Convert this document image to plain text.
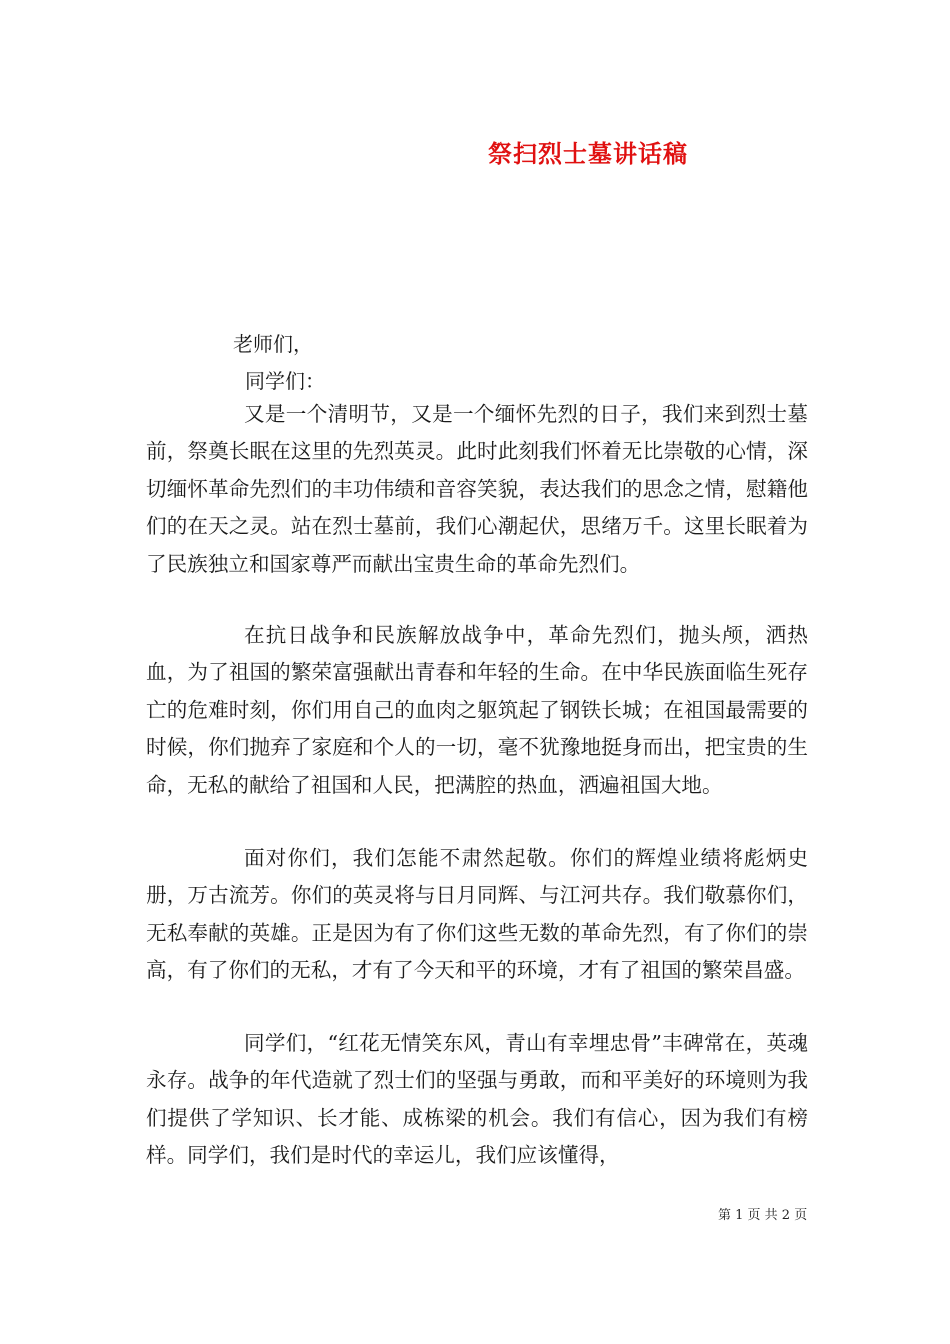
祭扫烈士墓讲话稿
老师们，
同学们：

又是一个清明节，又是一个缅怀先烈的日子，我们来到烈士墓前，祭奠长眠在这里的先烈英灵。此时此刻我们怀着无比崇敬的心情，深切缅怀革命先烈们的丰功伟绩和音容笑貌，表达我们的思念之情，慰籍他们的在天之灵。站在烈士墓前，我们心潮起伏，思绪万千。这里长眠着为了民族独立和国家尊严而献出宝贵生命的革命先烈们。

在抗日战争和民族解放战争中，革命先烈们，抛头颅，洒热血，为了祖国的繁荣富强献出青春和年轻的生命。在中华民族面临生死存亡的危难时刻，你们用自己的血肉之躯筑起了钢铁长城；在祖国最需要的时候，你们抛弃了家庭和个人的一切，毫不犹豫地挺身而出，把宝贵的生命，无私的献给了祖国和人民，把满腔的热血，洒遍祖国大地。

面对你们，我们怎能不肃然起敬。你们的辉煌业绩将彪炳史册，万古流芳。你们的英灵将与日月同辉、与江河共存。我们敬慕你们，无私奉献的英雄。正是因为有了你们这些无数的革命先烈，有了你们的崇高，有了你们的无私，才有了今天和平的环境，才有了祖国的繁荣昌盛。

同学们，“红花无情笑东风，青山有幸埋忠骨”丰碑常在，英魂永存。战争的年代造就了烈士们的坚强与勇敢，而和平美好的环境则为我们提供了学知识、长才能、成栋梁的机会。我们有信心，因为我们有榜样。同学们，我们是时代的幸运儿，我们应该懂得，

第 1 页 共 2 页
